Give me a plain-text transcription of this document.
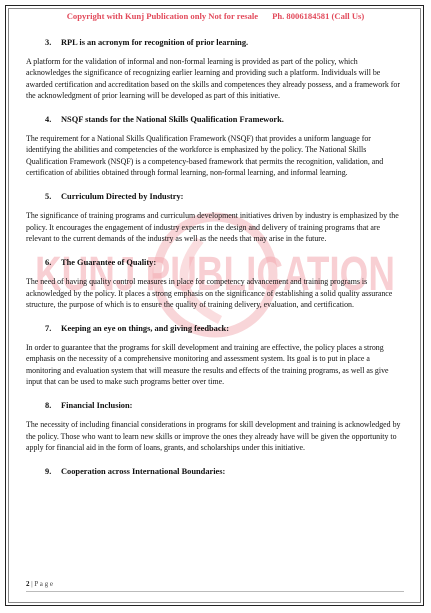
Copyright with Kunj Publication only Not for resale Ph. 8006184581 (Call Us)
KUNJ PUBLICATION
3. RPL is an acronym for recognition of prior learning.

A platform for the validation of informal and non-formal learning is provided as part of the policy, which acknowledges the significance of recognizing earlier learning and providing such a platform. Individuals will be awarded certification and accreditation based on the skills and competences they already possess, and a framework for the acknowledgment of prior learning will be developed as part of this initiative.

4. NSQF stands for the National Skills Qualification Framework.

The requirement for a National Skills Qualification Framework (NSQF) that provides a uniform language for identifying the abilities and competencies of the workforce is emphasized by the policy. The National Skills Qualification Framework (NSQF) is a competency-based framework that permits the recognition, validation, and certification of abilities obtained through formal learning, non-formal learning, and informal learning.

5. Curriculum Directed by Industry:

The significance of training programs and curriculum development initiatives driven by industry is emphasized by the policy. It encourages the engagement of industry experts in the design and delivery of training programs that are relevant to the current demands of the industry as well as the needs that may arise in the future.

6. The Guarantee of Quality:

The need of having quality control measures in place for competency advancement and training programs is acknowledged by the policy. It places a strong emphasis on the significance of establishing a solid quality assurance structure, the purpose of which is to ensure the quality of training delivery, evaluation, and certification.

7. Keeping an eye on things, and giving feedback:

In order to guarantee that the programs for skill development and training are effective, the policy places a strong emphasis on the necessity of a comprehensive monitoring and assessment system. Its goal is to put in place a monitoring and evaluation system that will measure the results and effects of the training programs, as well as give input that can be used to make such programs better over time.

8. Financial Inclusion:

The necessity of including financial considerations in programs for skill development and training is acknowledged by the policy. Those who want to learn new skills or improve the ones they already have will be given the opportunity to apply for financial aid in the form of loans, grants, and scholarships under this initiative.

9. Cooperation across International Boundaries:
2 | P a g e
